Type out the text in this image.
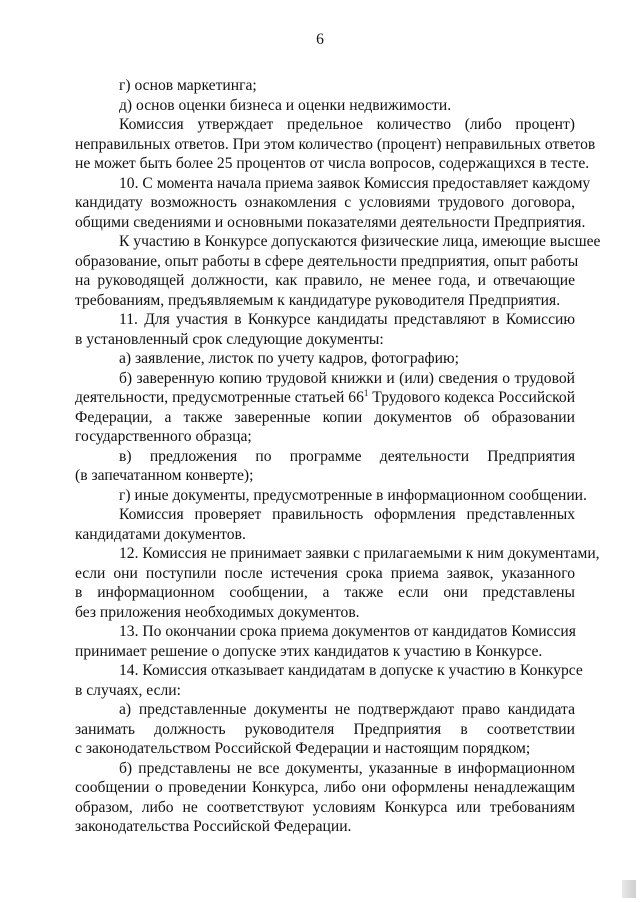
6
г) основ маркетинга;
д) основ оценки бизнеса и оценки недвижимости.
Комиссия утверждает предельное количество (либо процент)
неправильных ответов. При этом количество (процент) неправильных ответов
не может быть более 25 процентов от числа вопросов, содержащихся в тесте.
10. С момента начала приема заявок Комиссия предоставляет каждому
кандидату возможность ознакомления с условиями трудового договора,
общими сведениями и основными показателями деятельности Предприятия.
К участию в Конкурсе допускаются физические лица, имеющие высшее
образование, опыт работы в сфере деятельности предприятия, опыт работы
на руководящей должности, как правило, не менее года, и отвечающие
требованиям, предъявляемым к кандидатуре руководителя Предприятия.
11. Для участия в Конкурсе кандидаты представляют в Комиссию
в установленный срок следующие документы:
а) заявление, листок по учету кадров, фотографию;
б) заверенную копию трудовой книжки и (или) сведения о трудовой
деятельности, предусмотренные статьей $66^1$ Трудового кодекса Российской
Федерации, а также заверенные копии документов об образовании
государственного образца;
в) предложения по программе деятельности Предприятия
(в запечатанном конверте);
г) иные документы, предусмотренные в информационном сообщении.
Комиссия проверяет правильность оформления представленных
кандидатами документов.
12. Комиссия не принимает заявки с прилагаемыми к ним документами,
если они поступили после истечения срока приема заявок, указанного
в информационном сообщении, а также если они представлены
без приложения необходимых документов.
13. По окончании срока приема документов от кандидатов Комиссия
принимает решение о допуске этих кандидатов к участию в Конкурсе.
14. Комиссия отказывает кандидатам в допуске к участию в Конкурсе
в случаях, если:
а) представленные документы не подтверждают право кандидата
занимать должность руководителя Предприятия в соответствии
с законодательством Российской Федерации и настоящим порядком;
б) представлены не все документы, указанные в информационном
сообщении о проведении Конкурса, либо они оформлены ненадлежащим
образом, либо не соответствуют условиям Конкурса или требованиям
законодательства Российской Федерации.
